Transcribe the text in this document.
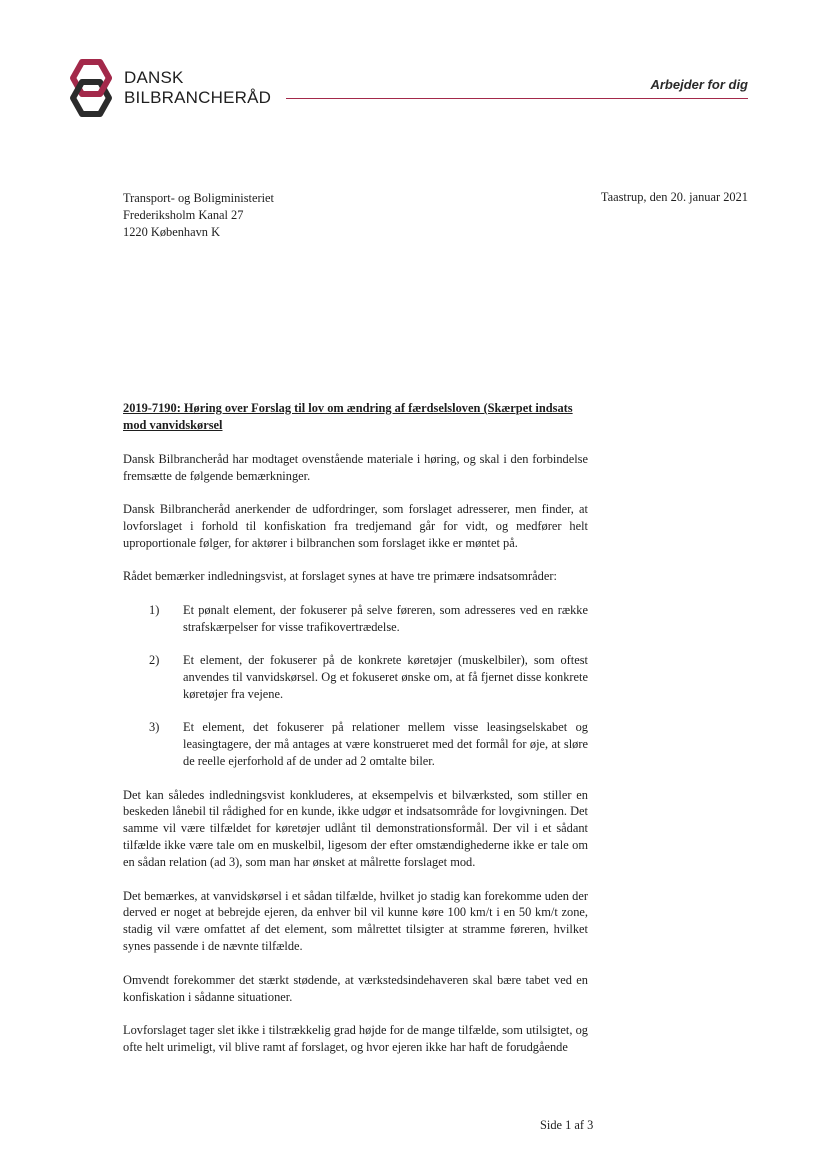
DANSK
BILBRANCHERÅD
Arbejder for dig
Transport- og Boligministeriet
Frederiksholm Kanal 27
1220 København K
Taastrup, den 20. januar 2021
2019-7190: Høring over Forslag til lov om ændring af færdselsloven (Skærpet indsats mod vanvidskørsel

Dansk Bilbrancheråd har modtaget ovenstående materiale i høring, og skal i den forbindelse fremsætte de følgende bemærkninger.

Dansk Bilbrancheråd anerkender de udfordringer, som forslaget adresserer, men finder, at lovforslaget i forhold til konfiskation fra tredjemand går for vidt, og medfører helt uproportionale følger, for aktører i bilbranchen som forslaget ikke er møntet på.

Rådet bemærker indledningsvist, at forslaget synes at have tre primære indsatsområder:

1)	Et pønalt element, der fokuserer på selve føreren, som adresseres ved en række strafskærpelser for visse trafikovertrædelse.
2)	Et element, der fokuserer på de konkrete køretøjer (muskelbiler), som oftest anvendes til vanvidskørsel. Og et fokuseret ønske om, at få fjernet disse konkrete køretøjer fra vejene.
3)	Et element, det fokuserer på relationer mellem visse leasingselskabet og leasingtagere, der må antages at være konstrueret med det formål for øje, at sløre de reelle ejerforhold af de under ad 2 omtalte biler.

Det kan således indledningsvist konkluderes, at eksempelvis et bilværksted, som stiller en beskeden lånebil til rådighed for en kunde, ikke udgør et indsatsområde for lovgivningen. Det samme vil være tilfældet for køretøjer udlånt til demonstrationsformål. Der vil i et sådant tilfælde ikke være tale om en muskelbil, ligesom der efter omstændighederne ikke er tale om en sådan relation (ad 3), som man har ønsket at målrette forslaget mod.

Det bemærkes, at vanvidskørsel i et sådan tilfælde, hvilket jo stadig kan forekomme uden der derved er noget at bebrejde ejeren, da enhver bil vil kunne køre 100 km/t i en 50 km/t zone, stadig vil være omfattet af det element, som målrettet tilsigter at stramme føreren, hvilket synes passende i de nævnte tilfælde.

Omvendt forekommer det stærkt stødende, at værkstedsindehaveren skal bære tabet ved en konfiskation i sådanne situationer.

Lovforslaget tager slet ikke i tilstrækkelig grad højde for de mange tilfælde, som utilsigtet, og ofte helt urimeligt, vil blive ramt af forslaget, og hvor ejeren ikke har haft de forudgående

Side 1 af 3
